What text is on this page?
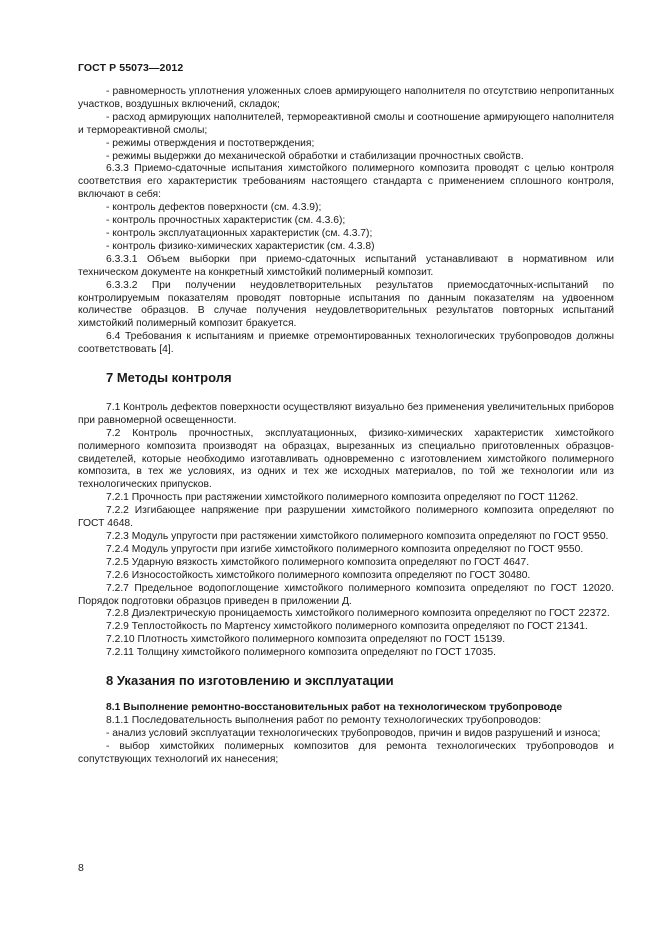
ГОСТ Р 55073—2012

- равномерность уплотнения уложенных слоев армирующего наполнителя по отсутствию непропитанных участков, воздушных включений, складок;

- расход армирующих наполнителей, термореактивной смолы и соотношение армирующего наполнителя и термореактивной смолы;

- режимы отверждения и постотверждения;

- режимы выдержки до механической обработки и стабилизации прочностных свойств.

6.3.3 Приемо-сдаточные испытания химстойкого полимерного композита проводят с целью контроля соответствия его характеристик требованиям настоящего стандарта с применением сплошного контроля, включают в себя:

- контроль дефектов поверхности (см. 4.3.9);

- контроль прочностных характеристик (см. 4.3.6);

- контроль эксплуатационных характеристик (см. 4.3.7);

- контроль физико-химических характеристик (см. 4.3.8)

6.3.3.1 Объем выборки при приемо-сдаточных испытаний устанавливают в нормативном или техническом документе на конкретный химстойкий полимерный композит.

6.3.3.2 При получении неудовлетворительных результатов приемосдаточных-испытаний по контролируемым показателям проводят повторные испытания по данным показателям на удвоенном количестве образцов. В случае получения неудовлетворительных результатов повторных испытаний химстойкий полимерный композит бракуется.

6.4 Требования к испытаниям и приемке отремонтированных технологических трубопроводов должны соответствовать [4].

7 Методы контроля

7.1 Контроль дефектов поверхности осуществляют визуально без применения увеличительных приборов при равномерной освещенности.

7.2 Контроль прочностных, эксплуатационных, физико-химических характеристик химстойкого полимерного композита производят на образцах, вырезанных из специально приготовленных образцов-свидетелей, которые необходимо изготавливать одновременно с изготовлением химстойкого полимерного композита, в тех же условиях, из одних и тех же исходных материалов, по той же технологии или из технологических припусков.

7.2.1 Прочность при растяжении химстойкого полимерного композита определяют по ГОСТ 11262.

7.2.2 Изгибающее напряжение при разрушении химстойкого полимерного композита определяют по ГОСТ 4648.

7.2.3 Модуль упругости при растяжении химстойкого полимерного композита определяют по ГОСТ 9550.

7.2.4 Модуль упругости при изгибе химстойкого полимерного композита определяют по ГОСТ 9550.

7.2.5 Ударную вязкость химстойкого полимерного композита определяют по ГОСТ 4647.

7.2.6 Износостойкость химстойкого полимерного композита определяют по ГОСТ 30480.

7.2.7 Предельное водопоглощение химстойкого полимерного композита определяют по ГОСТ 12020. Порядок подготовки образцов приведен в приложении Д.

7.2.8 Диэлектрическую проницаемость химстойкого полимерного композита определяют по ГОСТ 22372.

7.2.9 Теплостойкость по Мартенсу химстойкого полимерного композита определяют по ГОСТ 21341.

7.2.10 Плотность химстойкого полимерного композита определяют по ГОСТ 15139.

7.2.11 Толщину химстойкого полимерного композита определяют по ГОСТ 17035.

8 Указания по изготовлению и эксплуатации

8.1 Выполнение ремонтно-восстановительных работ на технологическом трубопроводе

8.1.1 Последовательность выполнения работ по ремонту технологических трубопроводов:

- анализ условий эксплуатации технологических трубопроводов, причин и видов разрушений и износа;

- выбор химстойких полимерных композитов для ремонта технологических трубопроводов и сопутствующих технологий их нанесения;

8
